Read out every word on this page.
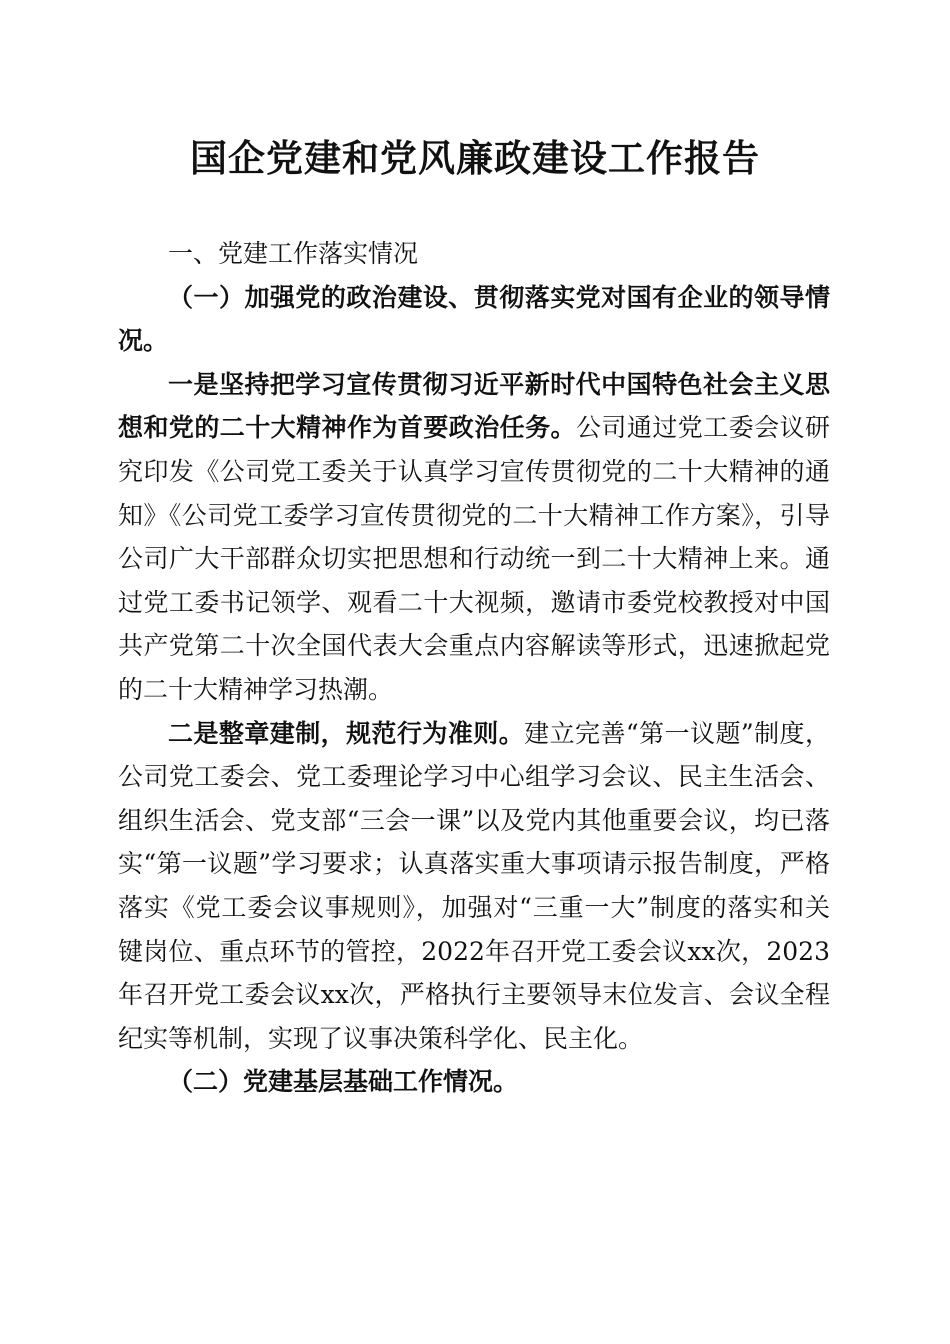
国企党建和党风廉政建设工作报告
一、党建工作落实情况

（一）加强党的政治建设、贯彻落实党对国有企业的领导情况。

一是坚持把学习宣传贯彻习近平新时代中国特色社会主义思想和党的二十大精神作为首要政治任务。公司通过党工委会议研究印发《公司党工委关于认真学习宣传贯彻党的二十大精神的通知》《公司党工委学习宣传贯彻党的二十大精神工作方案》，引导公司广大干部群众切实把思想和行动统一到二十大精神上来。通过党工委书记领学、观看二十大视频，邀请市委党校教授对中国共产党第二十次全国代表大会重点内容解读等形式，迅速掀起党的二十大精神学习热潮。

二是整章建制，规范行为准则。建立完善“第一议题”制度，公司党工委会、党工委理论学习中心组学习会议、民主生活会、组织生活会、党支部“三会一课”以及党内其他重要会议，均已落实“第一议题”学习要求；认真落实重大事项请示报告制度，严格落实《党工委会议事规则》，加强对“三重一大”制度的落实和关键岗位、重点环节的管控，2022年召开党工委会议xx次，2023年召开党工委会议xx次，严格执行主要领导末位发言、会议全程纪实等机制，实现了议事决策科学化、民主化。

（二）党建基层基础工作情况。
